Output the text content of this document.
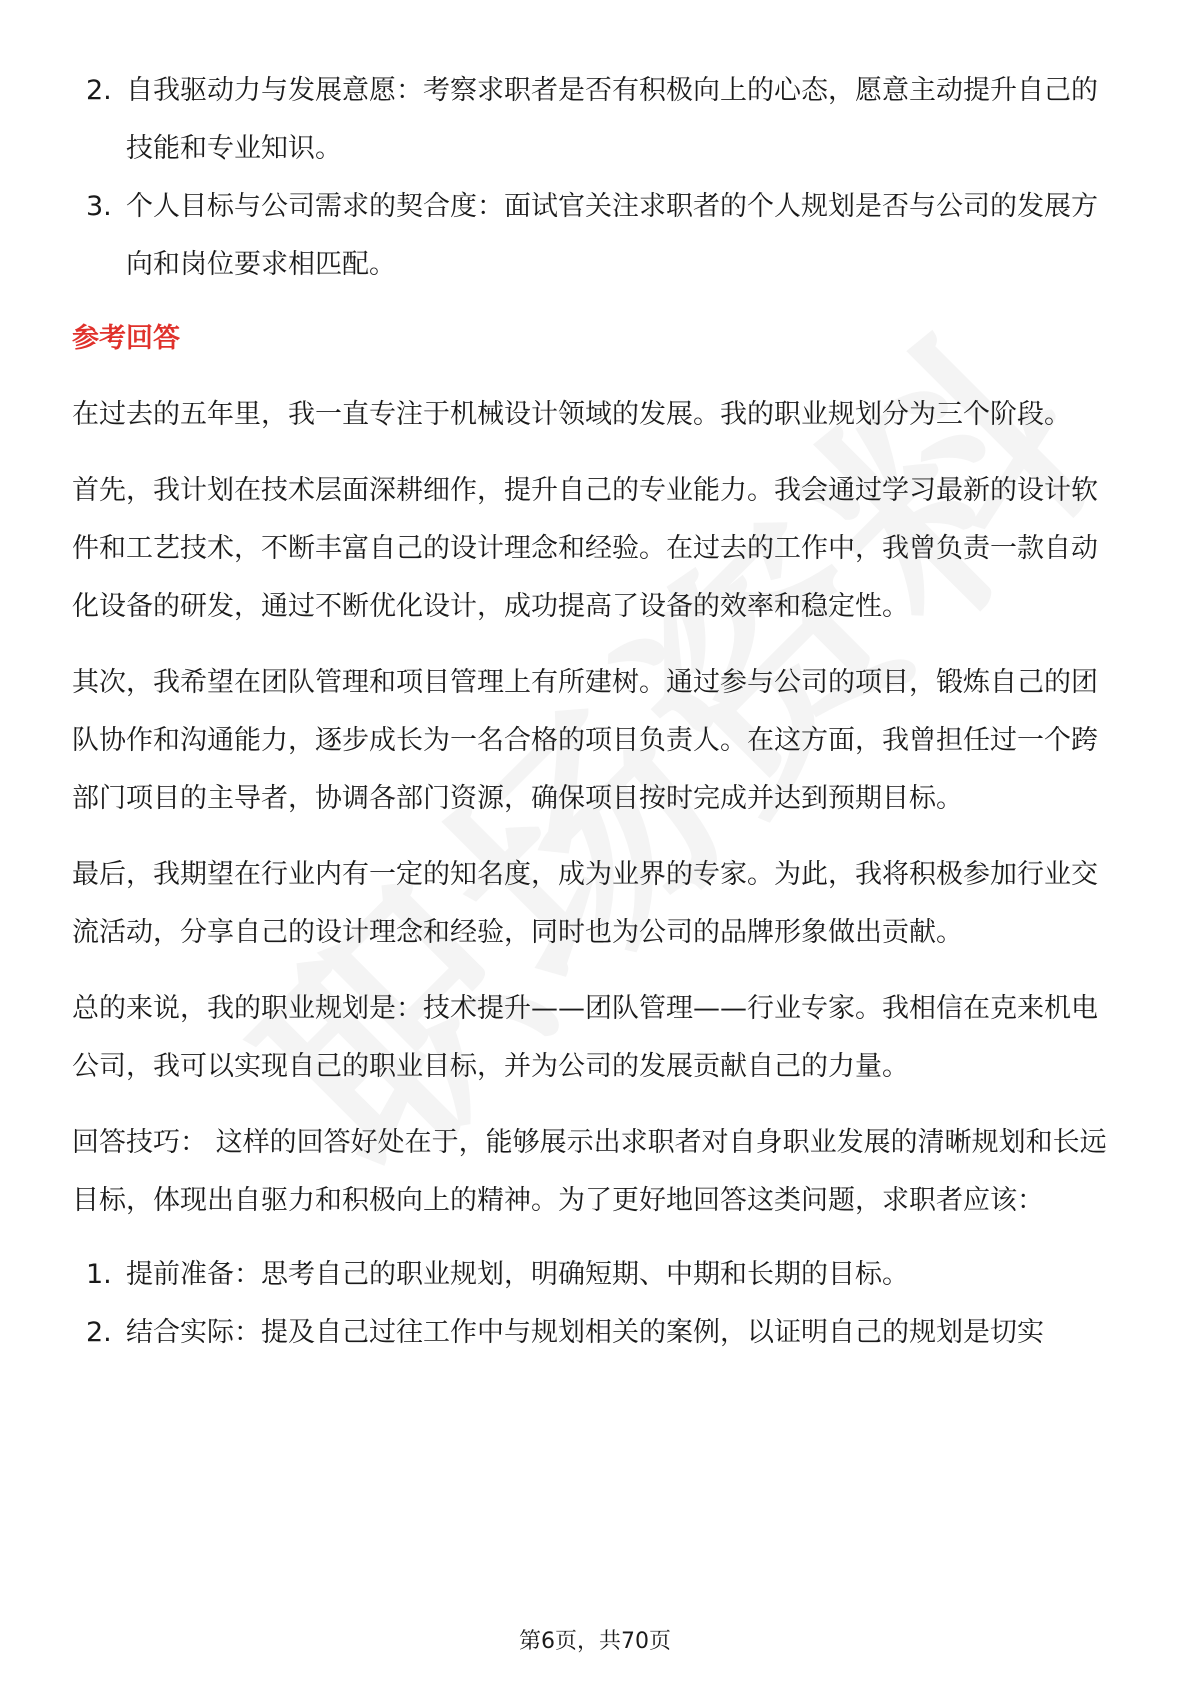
2. 自我驱动力与发展意愿：考察求职者是否有积极向上的心态，愿意主动提升自己的技能和专业知识。
3. 个人目标与公司需求的契合度：面试官关注求职者的个人规划是否与公司的发展方向和岗位要求相匹配。

参考回答

在过去的五年里，我一直专注于机械设计领域的发展。我的职业规划分为三个阶段。

首先，我计划在技术层面深耕细作，提升自己的专业能力。我会通过学习最新的设计软件和工艺技术，不断丰富自己的设计理念和经验。在过去的工作中，我曾负责一款自动化设备的研发，通过不断优化设计，成功提高了设备的效率和稳定性。

其次，我希望在团队管理和项目管理上有所建树。通过参与公司的项目，锻炼自己的团队协作和沟通能力，逐步成长为一名合格的项目负责人。在这方面，我曾担任过一个跨部门项目的主导者，协调各部门资源，确保项目按时完成并达到预期目标。

最后，我期望在行业内有一定的知名度，成为业界的专家。为此，我将积极参加行业交流活动，分享自己的设计理念和经验，同时也为公司的品牌形象做出贡献。

总的来说，我的职业规划是：技术提升——团队管理——行业专家。我相信在克来机电公司，我可以实现自己的职业目标，并为公司的发展贡献自己的力量。

回答技巧： 这样的回答好处在于，能够展示出求职者对自身职业发展的清晰规划和长远目标，体现出自驱力和积极向上的精神。为了更好地回答这类问题，求职者应该：

1. 提前准备：思考自己的职业规划，明确短期、中期和长期的目标。
2. 结合实际：提及自己过往工作中与规划相关的案例，以证明自己的规划是切实
第6页，共70页
